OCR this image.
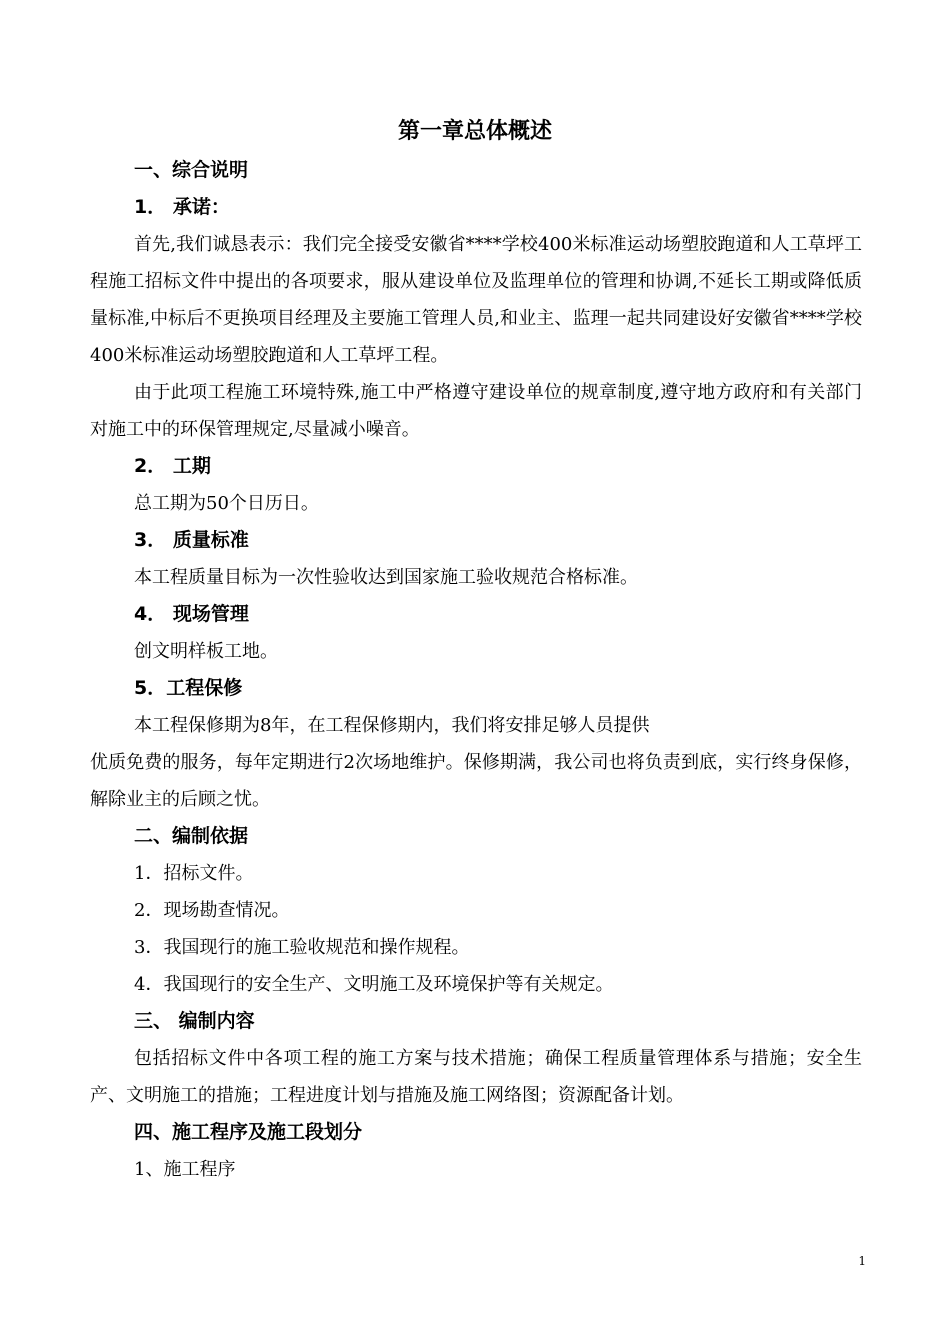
第一章总体概述
一、综合说明
1． 承诺：

首先,我们诚恳表示：我们完全接受安徽省****学校400米标准运动场塑胶跑道和人工草坪工程施工招标文件中提出的各项要求，服从建设单位及监理单位的管理和协调,不延长工期或降低质量标准,中标后不更换项目经理及主要施工管理人员,和业主、监理一起共同建设好安徽省****学校400米标准运动场塑胶跑道和人工草坪工程。

由于此项工程施工环境特殊,施工中严格遵守建设单位的规章制度,遵守地方政府和有关部门对施工中的环保管理规定,尽量减小噪音。

2． 工期
总工期为50个日历日。
3． 质量标准
本工程质量目标为一次性验收达到国家施工验收规范合格标准。
4． 现场管理
创文明样板工地。
5．工程保修
本工程保修期为8年，在工程保修期内，我们将安排足够人员提供

优质免费的服务，每年定期进行2次场地维护。保修期满，我公司也将负责到底，实行终身保修，解除业主的后顾之忧。

二、编制依据
1．招标文件。
2．现场勘查情况。
3．我国现行的施工验收规范和操作规程。
4．我国现行的安全生产、文明施工及环境保护等有关规定。
三、 编制内容

包括招标文件中各项工程的施工方案与技术措施；确保工程质量管理体系与措施；安全生产、文明施工的措施；工程进度计划与措施及施工网络图；资源配备计划。

四、施工程序及施工段划分
1、施工程序
1
